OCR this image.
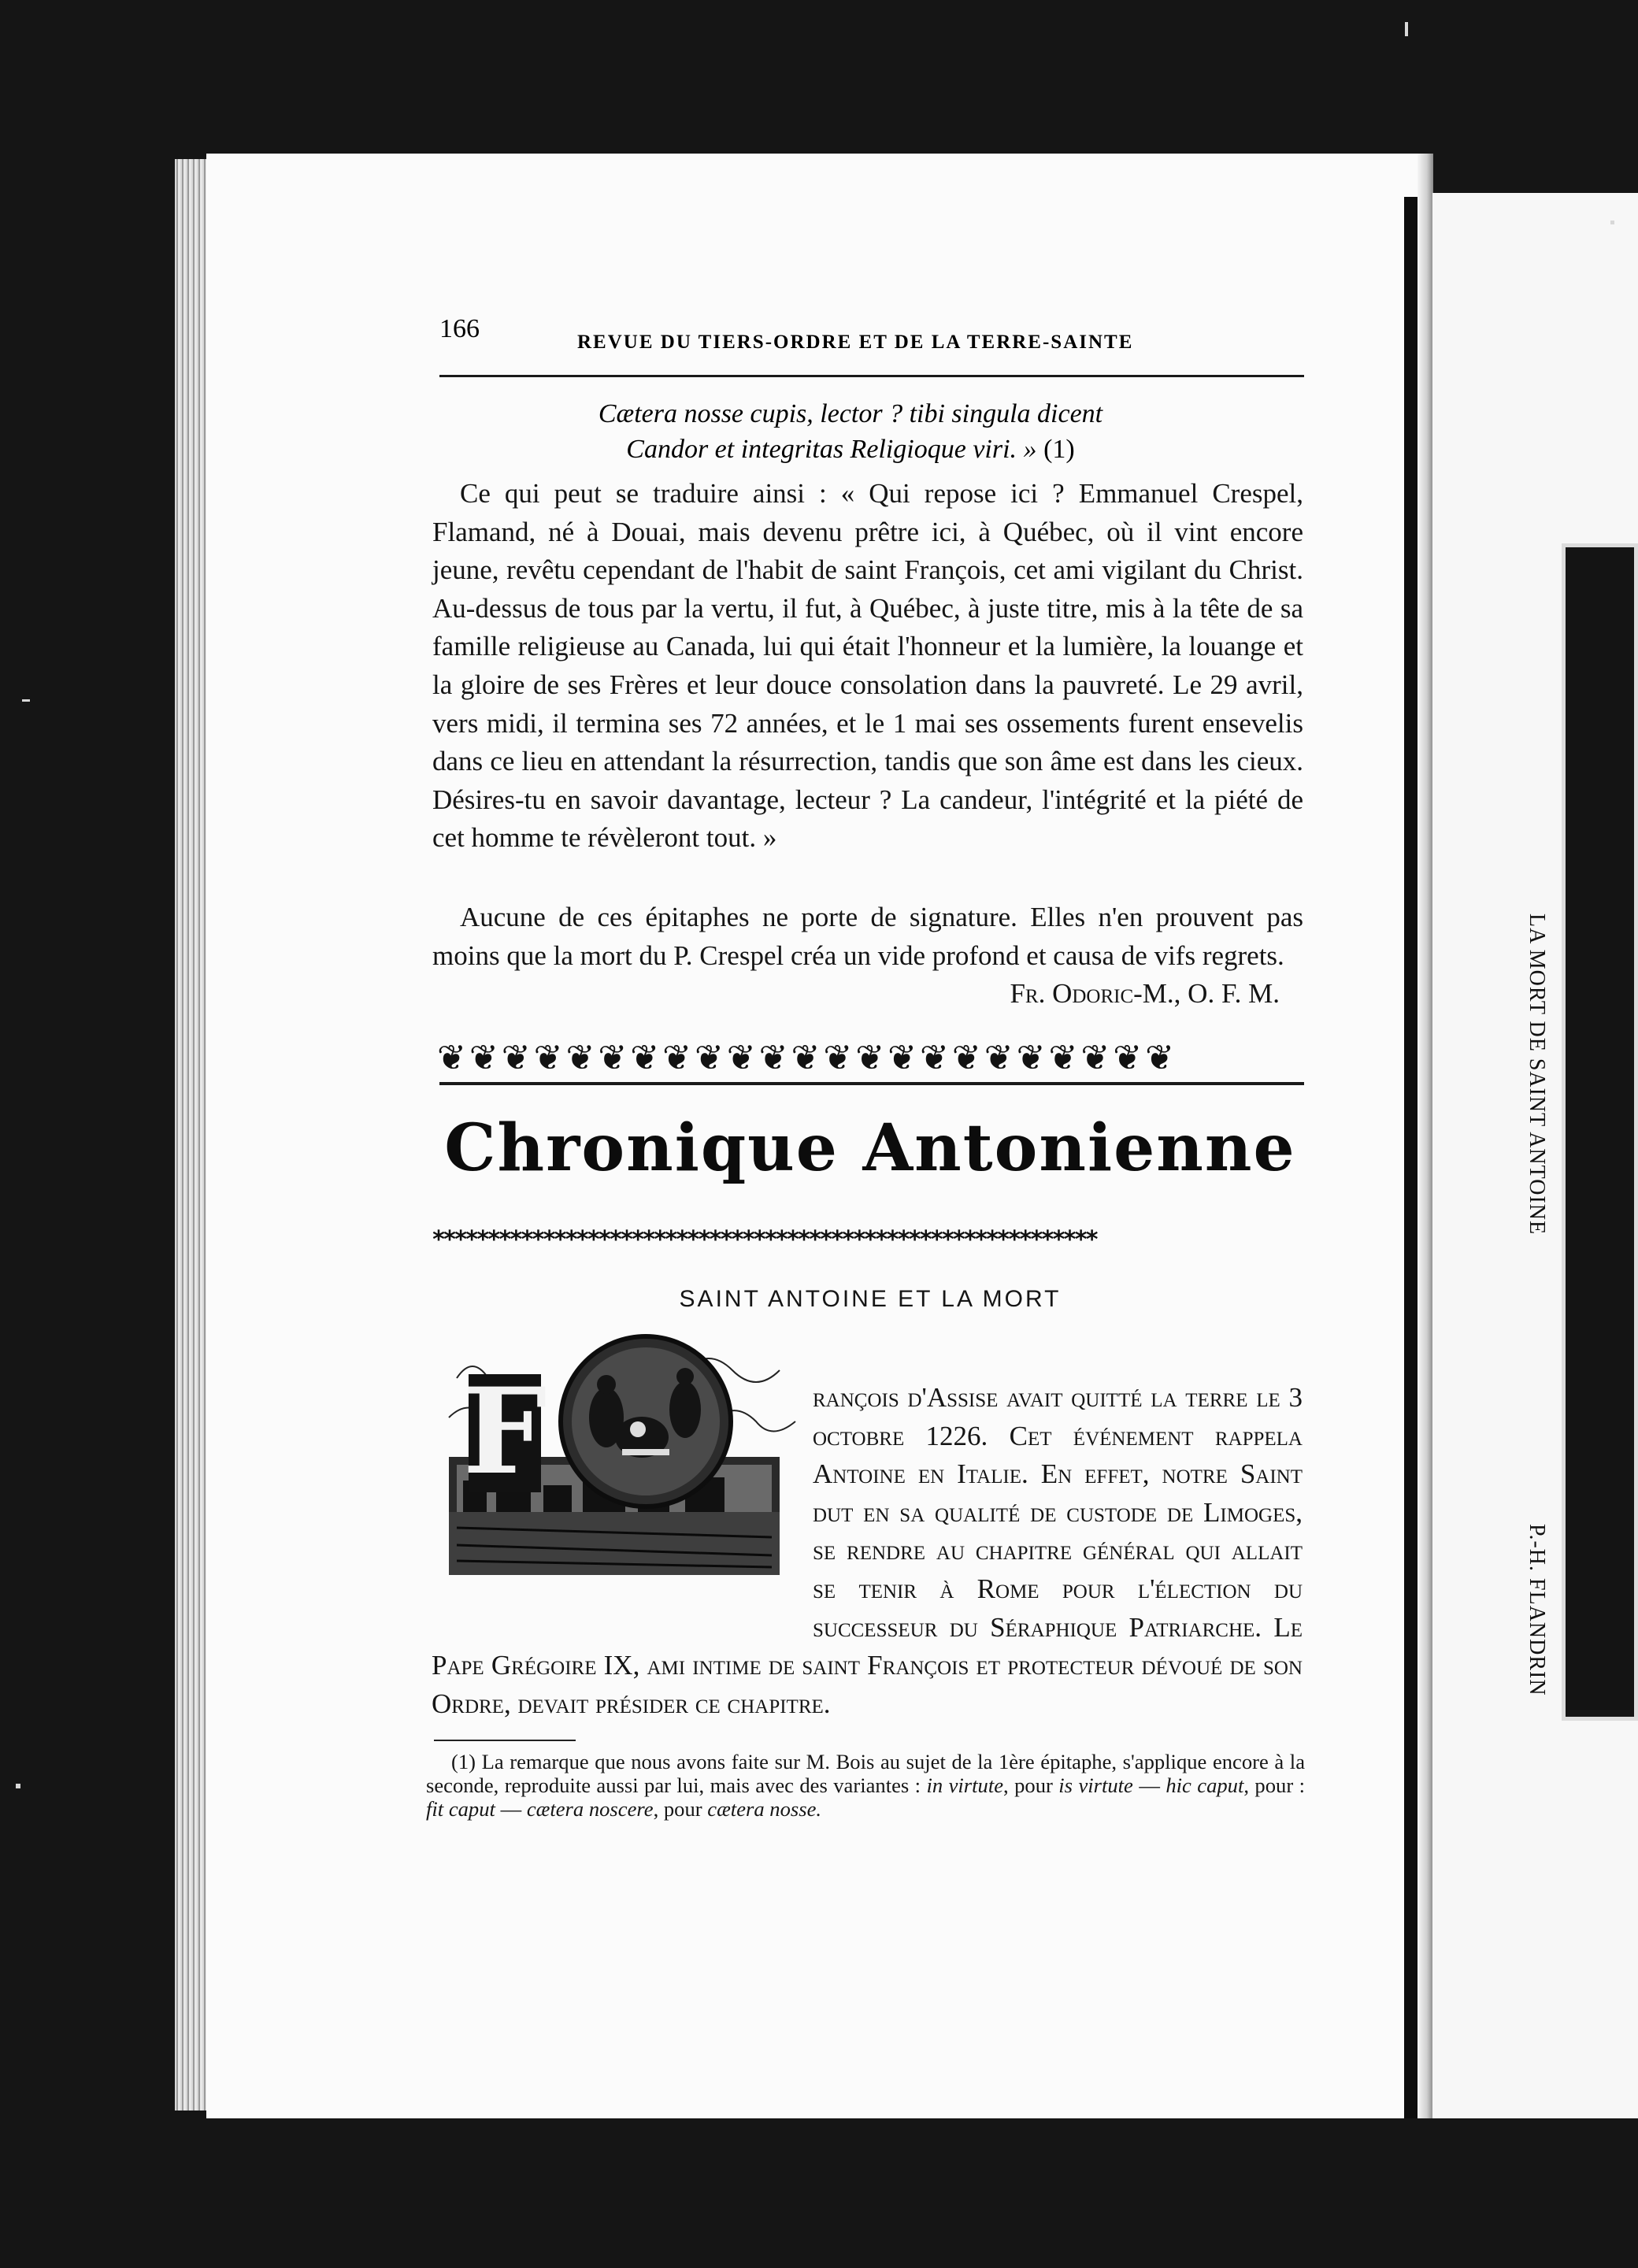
LA MORT DE SAINT ANTOINE
P.-H. FLANDRIN
166	REVUE DU TIERS-ORDRE ET DE LA TERRE-SAINTE
Cætera nosse cupis, lector ? tibi singula dicent
Candor et integritas Religioque viri. » (1)

Ce qui peut se traduire ainsi : « Qui repose ici ? Emmanuel Crespel, Flamand, né à Douai, mais devenu prêtre ici, à Québec, où il vint encore jeune, revêtu cependant de l'habit de saint François, cet ami vigilant du Christ. Au-dessus de tous par la vertu, il fut, à Québec, à juste titre, mis à la tête de sa famille religieuse au Canada, lui qui était l'honneur et la lumière, la louange et la gloire de ses Frères et leur douce consolation dans la pauvreté. Le 29 avril, vers midi, il termina ses 72 années, et le 1 mai ses ossements furent ensevelis dans ce lieu en attendant la résurrection, tandis que son âme est dans les cieux. Désires-tu en savoir davantage, lecteur ? La candeur, l'intégrité et la piété de cet homme te révèleront tout. »

Aucune de ces épitaphes ne porte de signature. Elles n'en prouvent pas moins que la mort du P. Crespel créa un vide profond et causa de vifs regrets.

Fr. Odoric-M., O. F. M.
❦❦❦❦❦❦❦❦❦❦❦❦❦❦❦❦❦❦❦❦❦❦❦
Chronique Antonienne
************************************************************
SAINT ANTOINE ET LA MORT
F	rançois d'Assise avait quitté la terre le 3 octobre 1226. Cet événement rappela Antoine en Italie. En effet, notre Saint dut en sa qualité de custode de Limoges, se rendre au chapitre général qui allait se tenir à Rome pour l'élection du successeur du Séraphique Patriarche. Le Pape Grégoire IX, ami intime de saint François et protecteur dévoué de son Ordre, devait présider ce chapitre.
(1) La remarque que nous avons faite sur M. Bois au sujet de la 1ère épitaphe, s'applique encore à la seconde, reproduite aussi par lui, mais avec des variantes : in virtute, pour is virtute — hic caput, pour : fit caput — cætera noscere, pour cætera nosse.
